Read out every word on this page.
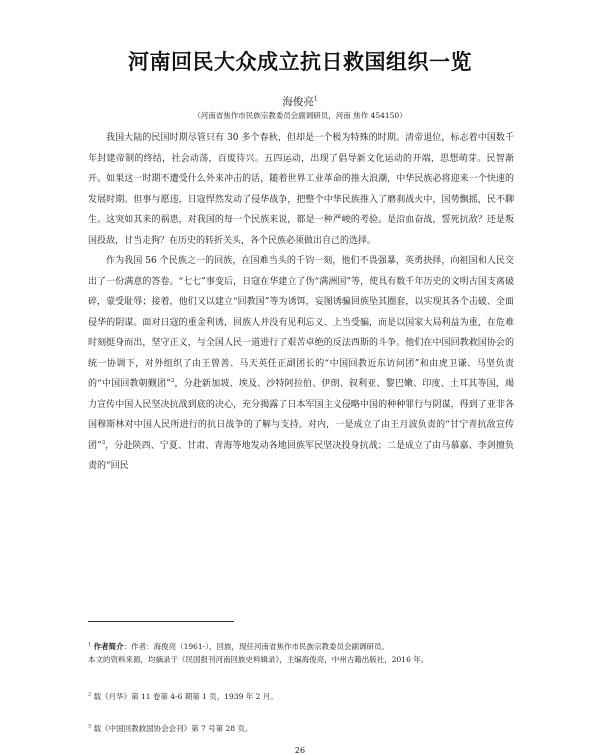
河南回民大众成立抗日救国组织一览
海俊亮$^1$
（河南省焦作市民族宗教委员会副调研员，河南 焦作 454150）

我国大陆的民国时期尽管只有 30 多个春秋，但却是一个极为特殊的时期。清帝退位，标志着中国数千年封建帝制的终结，社会动荡，百废待兴。五四运动，出现了倡导新文化运动的开端，思想萌芽。民智渐开。如果这一时期不遭受什么外来冲击的话，随着世界工业革命的推大浪潮，中华民族必将迎来一个快速的发展时期。但事与愿违，日寇悍然发动了侵华战争，把整个中华民族推入了磨刹战火中，国势飘摇，民不聊生。这突如其来的祸患，对我国的每一个民族来说，都是一种严峻的考验。是沿血奋战，誓死抗敌？还是叛国投敌，甘当走狗？在历史的转折关头，各个民族必须做出自己的选择。

作为我国 56 个民族之一的回族，在国难当头的千钧一刻，他们不畏强暴，英勇抉择，向祖国和人民交出了一份满意的答卷。“七七”事变后，日寇在华建立了伪“满洲国”等，使具有数千年历史的文明古国支离破碎，蒙受耻辱；接着，他们又以建立“回教国”等为诱饵，妄图诱骗回族坠其圈套，以实现其各个击破、全面侵华的阴谋。面对日寇的重金利诱，回族人并没有见利忘义、上当受骗，而是以国家大局利益为重，在危难时刻挺身而出，坚守正义，与全国人民一道进行了艰苦卓绝的反法西斯的斗争。他们在中国回教救国协会的统一协调下，对外组织了由王曾善、马天英任正副团长的“中国回教近东访问团”和由虎卫谦、马坚负责的“中国回教朝觐团”$^2$，分赴新加坡、埃及、沙特阿拉伯、伊朗、叙利亚、黎巴嫩、印度、土耳其等国，竭力宣传中国人民坚决抗战到底的决心，充分揭露了日本军国主义侵略中国的种种罪行与阴谋，得到了亚非各国穆斯林对中国人民所进行的抗日战争的了解与支持。对内，一是成立了由王月波负责的“甘宁青抗敌宣传团”$^3$，分赴陕西、宁夏、甘肃、青海等地发动各地回族军民坚决投身抗战；二是成立了由马慕嘉、李剑擅负责的“回民

$^1$ 作者简介：作者：海俊亮（1961-），回族，现任河南省焦作市民族宗教委员会副调研员。
本文的资料来源，均摘录于《民国报刊河南回族史料辑录》，主编海俊亮，中州古籍出版社，2016 年。
$^2$ 载《月华》第 11 卷第 4-6 期第 1 页，1939 年 2 月。
$^3$ 载《中国回教救国协会会刊》第 7 号第 28 页。
26
